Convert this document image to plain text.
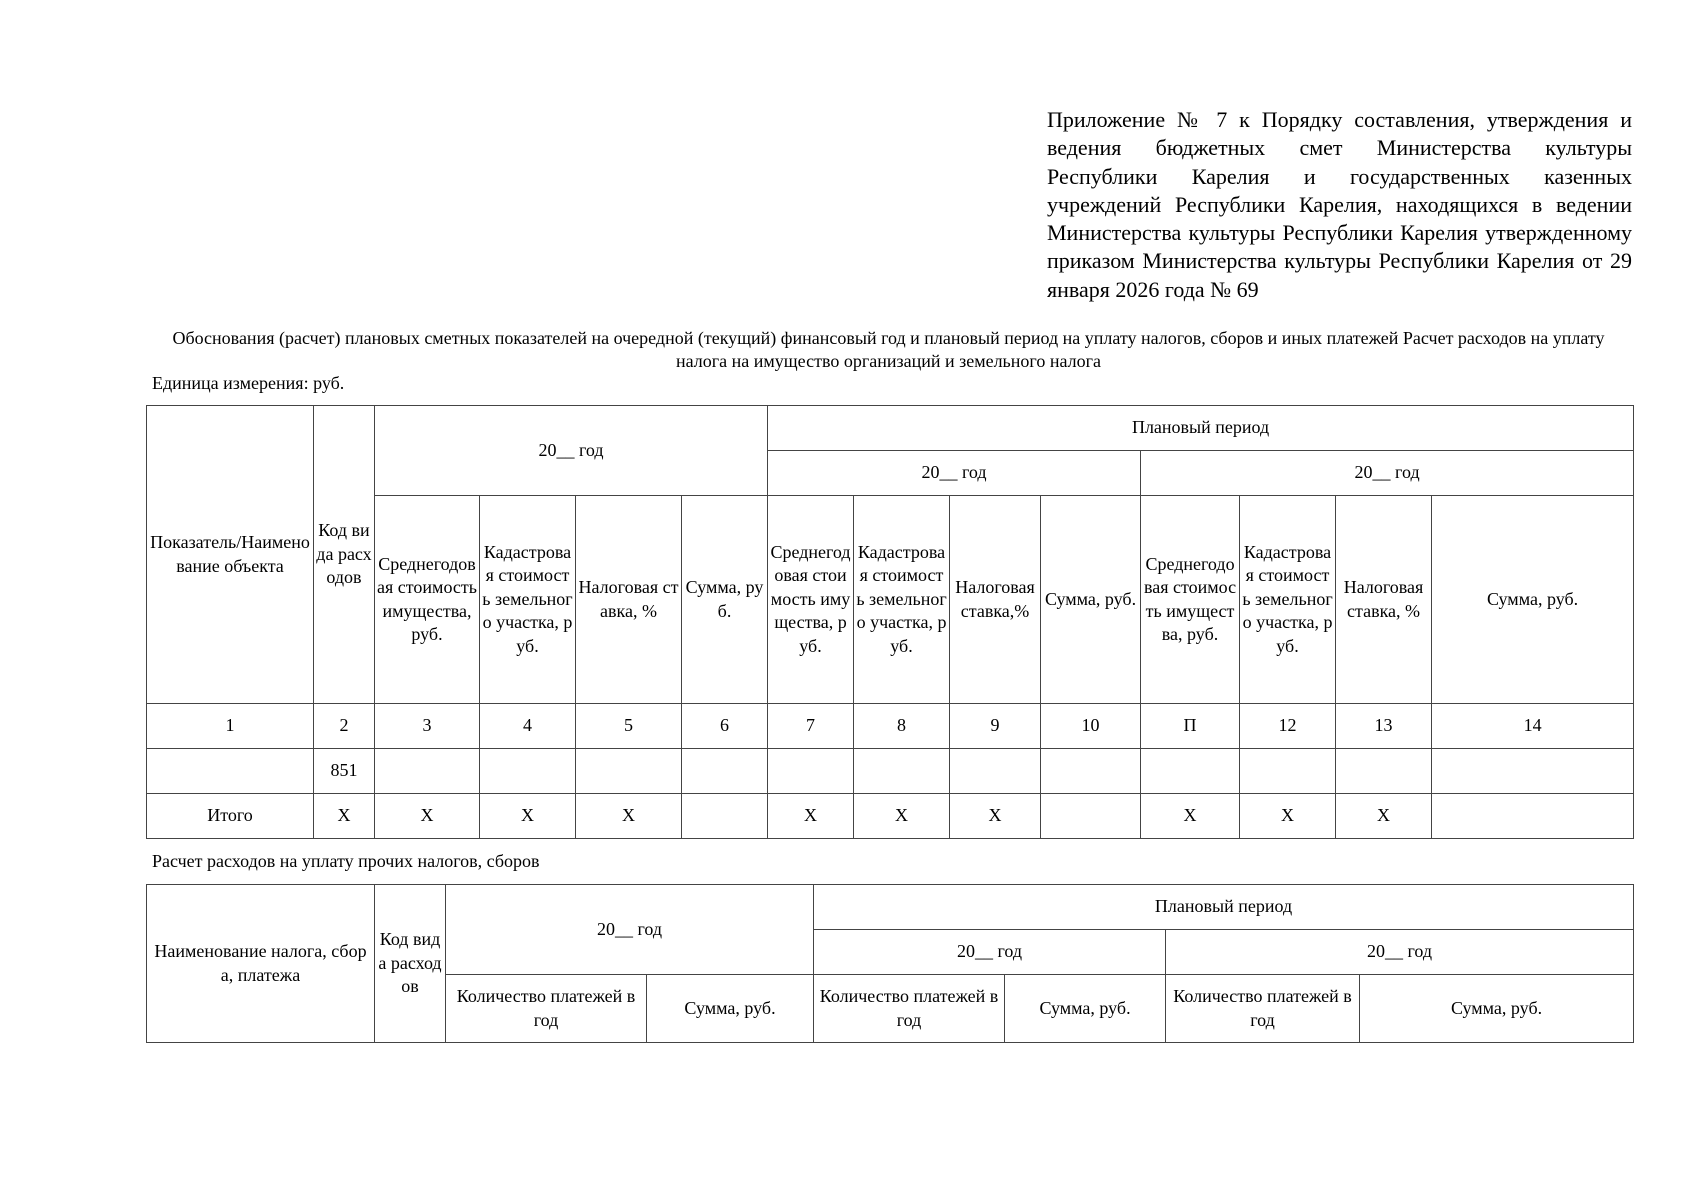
Приложение № 7 к Порядку составления, утверждения и ведения бюджетных смет Министерства культуры Республики Карелия и государственных казенных учреждений Республики Карелия, находящихся в ведении Министерства культуры Республики Карелия утвержденному приказом Министерства культуры Республики Карелия от 29 января 2026 года № 69
Обоснования (расчет) плановых сметных показателей на очередной (текущий) финансовый год и плановый период на уплату налогов, сборов и иных платежей Расчет расходов на уплату налога на имущество организаций и земельного налога
Единица измерения: руб.
Показатель/Наименование объекта	Код вида расходов	20__ год				Плановый период							
						20__ год				20__ год			
		Среднегодовая стоимость имущества, руб.	Кадастровая стоимость земельного участка, руб.	Налоговая ставка, %	Сумма, руб.	Среднегодовая стоимость имущества, руб.	Кадастровая стоимость земельного участка, руб.	Налоговая ставка,%	Сумма, руб.	Среднегодовая стоимость имущества, руб.	Кадастровая стоимость земельного участка, руб.	Налоговая ставка, %	Сумма, руб.
1	2	3	4	5	6	7	8	9	10	П	12	13	14
	851												
Итого	X	X	X	X		X	X	X		X	X	X	
Расчет расходов на уплату прочих налогов, сборов
Наименование налога, сбора, платежа	Код вида расходов	20__ год		Плановый период			
				20__ год		20__ год	
		Количество платежей в год	Сумма, руб.	Количество платежей в год	Сумма, руб.	Количество платежей в год	Сумма, руб.
